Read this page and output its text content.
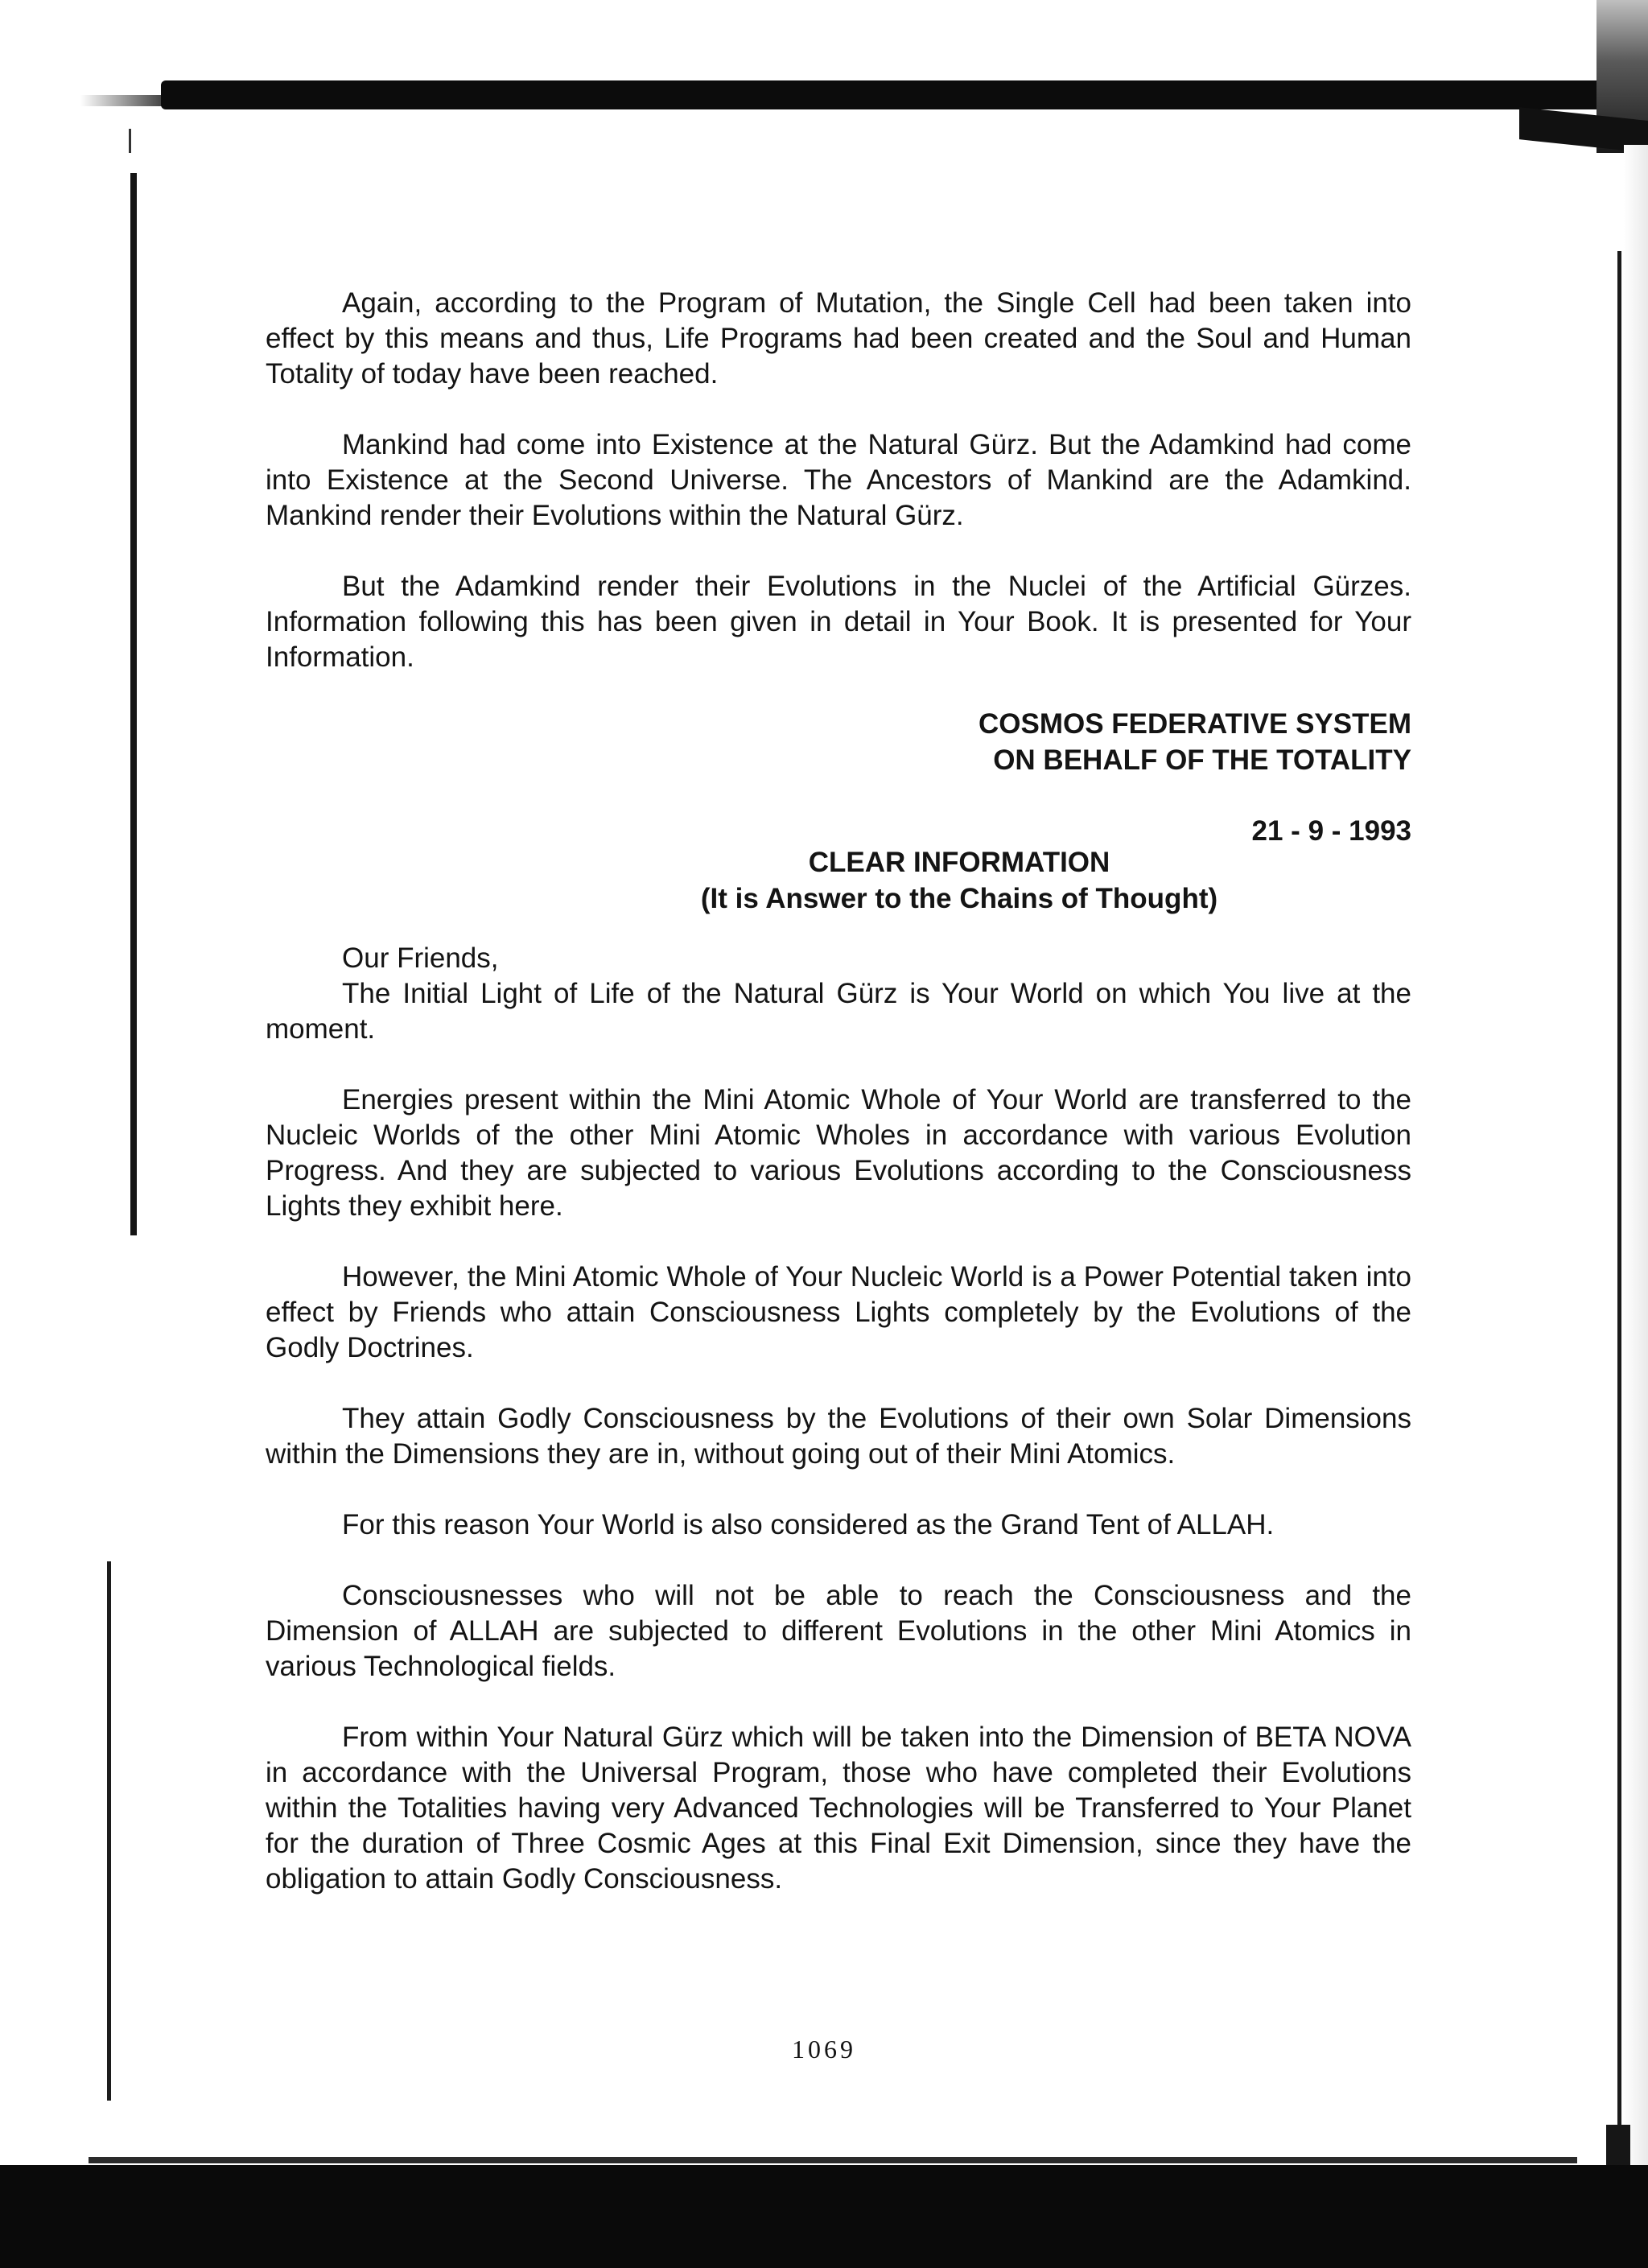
Again, according to the Program of Mutation, the Single Cell had been taken into effect by this means and thus, Life Programs had been created and the Soul and Human Totality of today have been reached.

Mankind had come into Existence at the Natural Gürz. But the Adamkind had come into Existence at the Second Universe. The Ancestors of Mankind are the Adamkind. Mankind render their Evolutions within the Natural Gürz.

But the Adamkind render their Evolutions in the Nuclei of the Artificial Gürzes. Information following this has been given in detail in Your Book. It is presented for Your Information.

COSMOS FEDERATIVE SYSTEM
ON BEHALF OF THE TOTALITY
21 - 9 - 1993
CLEAR INFORMATION
(It is Answer to the Chains of Thought)

Our Friends,

The Initial Light of Life of the Natural Gürz is Your World on which You live at the moment.

Energies present within the Mini Atomic Whole of Your World are transferred to the Nucleic Worlds of the other Mini Atomic Wholes in accordance with various Evolution Progress. And they are subjected to various Evolutions according to the Consciousness Lights they exhibit here.

However, the Mini Atomic Whole of Your Nucleic World is a Power Potential taken into effect by Friends who attain Consciousness Lights completely by the Evolutions of the Godly Doctrines.

They attain Godly Consciousness by the Evolutions of their own Solar Dimensions within the Dimensions they are in, without going out of their Mini Atomics.

For this reason Your World is also considered as the Grand Tent of ALLAH.

Consciousnesses who will not be able to reach the Consciousness and the Dimension of ALLAH are subjected to different Evolutions in the other Mini Atomics in various Technological fields.

From within Your Natural Gürz which will be taken into the Dimension of BETA NOVA in accordance with the Universal Program, those who have completed their Evolutions within the Totalities having very Advanced Technologies will be Transferred to Your Planet for the duration of Three Cosmic Ages at this Final Exit Dimension, since they have the obligation to attain Godly Consciousness.

1069
